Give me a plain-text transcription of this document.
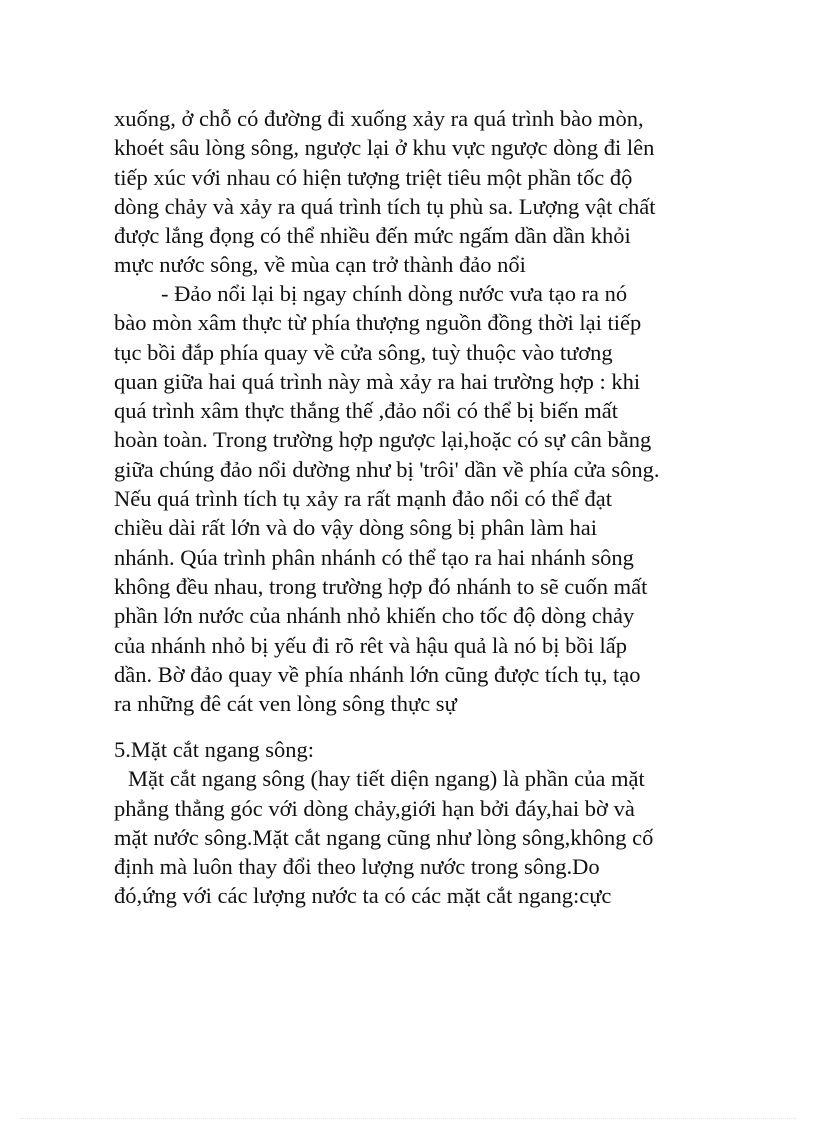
xuống, ở chỗ có đường đi xuống xảy ra quá trình bào mòn,
khoét sâu lòng sông, ngược lại ở khu vực ngược dòng đi lên
tiếp xúc với nhau có hiện tượng triệt tiêu một phần tốc độ
dòng chảy và xảy ra quá trình tích tụ phù sa. Lượng vật chất
được lắng đọng có thể nhiều đến mức ngấm dần dần khỏi
mực nước sông, về mùa cạn trở thành đảo nổi
- Đảo nổi lại bị ngay chính dòng nước vưa tạo ra nó
bào mòn xâm thực từ phía thượng nguồn đồng thời lại tiếp
tục bồi đắp phía quay về cửa sông, tuỳ thuộc vào tương
quan giữa hai quá trình này mà xảy ra hai trường hợp : khi
quá trình xâm thực thắng thế ,đảo nổi có thể bị biến mất
hoàn toàn. Trong trường hợp ngược lại,hoặc có sự cân bằng
giữa chúng đảo nổi dường như bị 'trôi' dần về phía cửa sông.
Nếu quá trình tích tụ xảy ra rất mạnh đảo nổi có thể đạt
chiều dài rất lớn và do vậy dòng sông bị phân làm hai
nhánh. Qúa trình phân nhánh có thể tạo ra hai nhánh sông
không đều nhau, trong trường hợp đó nhánh to sẽ cuốn mất
phần lớn nước của nhánh nhỏ khiến cho tốc độ dòng chảy
của nhánh nhỏ bị yếu đi rõ rêt và hậu quả là nó bị bồi lấp
dần. Bờ đảo quay về phía nhánh lớn cũng được tích tụ, tạo
ra những đê cát ven lòng sông thực sự
5.Mặt cắt ngang sông:
Mặt cắt ngang sông (hay tiết diện ngang) là phần của mặt
phẳng thẳng góc với dòng chảy,giới hạn bởi đáy,hai bờ và
mặt nước sông.Mặt cắt ngang cũng như lòng sông,không cố
định mà luôn thay đổi theo lượng nước trong sông.Do
đó,ứng với các lượng nước ta có các mặt cắt ngang:cực
